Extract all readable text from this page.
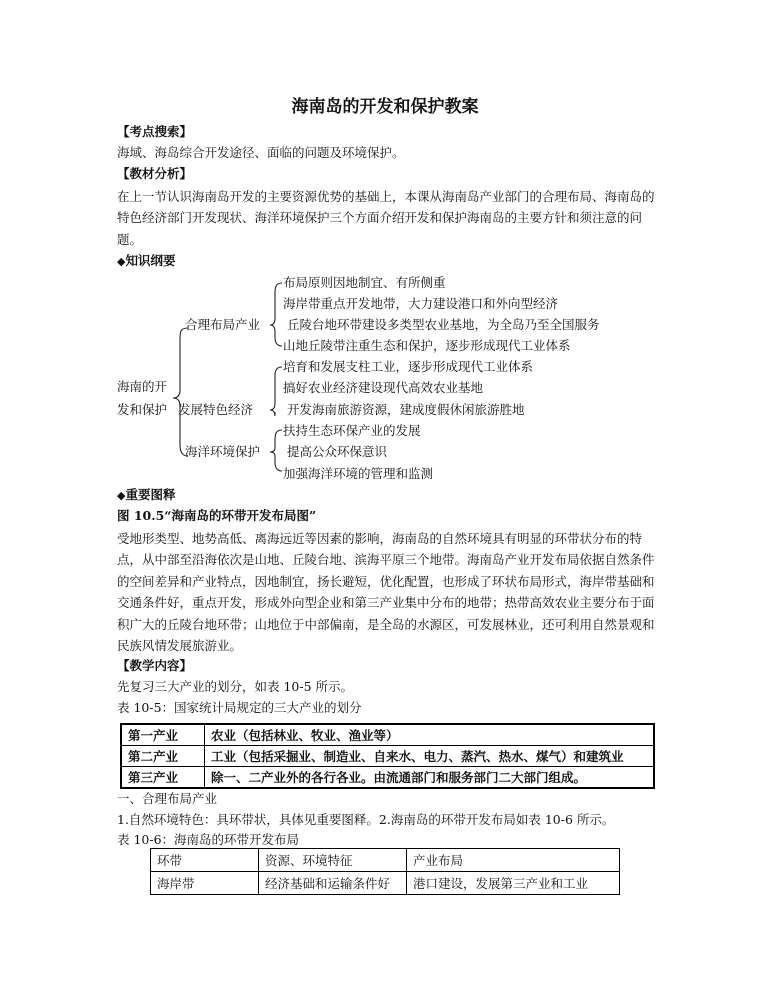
海南岛的开发和保护教案
【考点搜索】
海域、海岛综合开发途径、面临的问题及环境保护。
【教材分析】
在上一节认识海南岛开发的主要资源优势的基础上，本课从海南岛产业部门的合理布局、海南岛的特色经济部门开发现状、海洋环境保护三个方面介绍开发和保护海南岛的主要方针和须注意的问题。
◆知识纲要
海南的开
发和保护
合理布局产业
发展特色经济
海洋环境保护
布局原则因地制宜、有所侧重
海岸带重点开发地带，大力建设港口和外向型经济
丘陵台地环带建设多类型农业基地，为全岛乃至全国服务
山地丘陵带注重生态和保护，逐步形成现代工业体系
培育和发展支柱工业，逐步形成现代工业体系
搞好农业经济建设现代高效农业基地
开发海南旅游资源，建成度假休闲旅游胜地
扶持生态环保产业的发展
提高公众环保意识
加强海洋环境的管理和监测
◆重要图释
图 10.5“海南岛的环带开发布局图”
受地形类型、地势高低、离海远近等因素的影响，海南岛的自然环境具有明显的环带状分布的特点，从中部至沿海依次是山地、丘陵台地、滨海平原三个地带。海南岛产业开发布局依据自然条件的空间差异和产业特点，因地制宜，扬长避短，优化配置，也形成了环状布局形式，海岸带基础和交通条件好，重点开发，形成外向型企业和第三产业集中分布的地带；热带高效农业主要分布于面积广大的丘陵台地环带；山地位于中部偏南，是全岛的水源区，可发展林业，还可利用自然景观和民族风情发展旅游业。
【教学内容】
先复习三大产业的划分，如表 10-5 所示。
表 10-5：国家统计局规定的三大产业的划分
第一产业	农业（包括林业、牧业、渔业等）
第二产业	工业（包括采掘业、制造业、自来水、电力、蒸汽、热水、煤气）和建筑业
第三产业	除一、二产业外的各行各业。由流通部门和服务部门二大部门组成。
一、合理布局产业
1.自然环境特色：具环带状，具体见重要图释。2.海南岛的环带开发布局如表 10-6 所示。
表 10-6：海南岛的环带开发布局
环带	资源、环境特征	产业布局
海岸带	经济基础和运输条件好	港口建设，发展第三产业和工业
